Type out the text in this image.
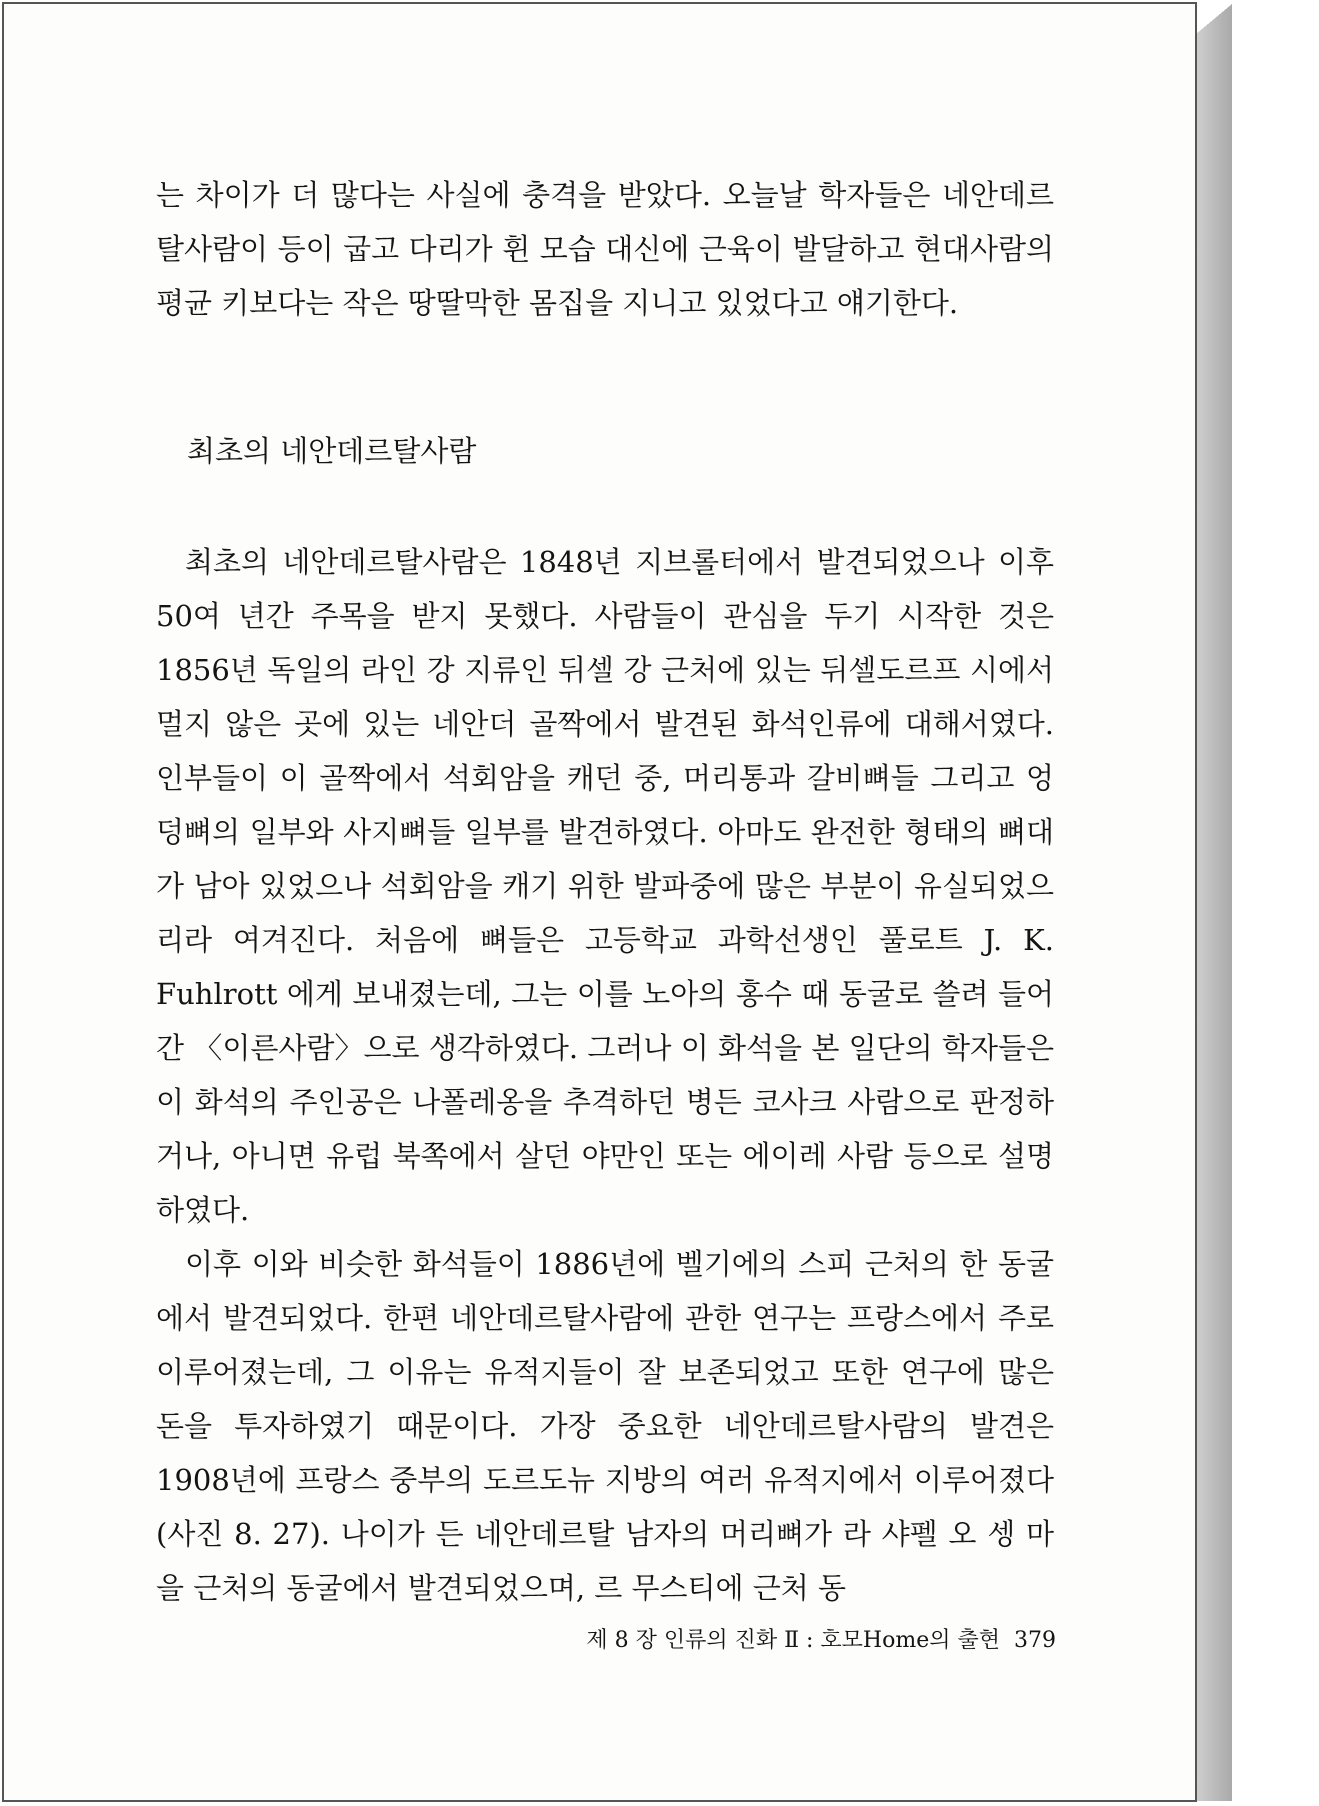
는 차이가 더 많다는 사실에 충격을 받았다. 오늘날 학자들은 네안데르탈사람이 등이 굽고 다리가 휜 모습 대신에 근육이 발달하고 현대사람의 평균 키보다는 작은 땅딸막한 몸집을 지니고 있었다고 얘기한다.

최초의 네안데르탈사람

최초의 네안데르탈사람은 1848년 지브롤터에서 발견되었으나 이후 50여 년간 주목을 받지 못했다. 사람들이 관심을 두기 시작한 것은 1856년 독일의 라인 강 지류인 뒤셀 강 근처에 있는 뒤셀도르프 시에서 멀지 않은 곳에 있는 네안더 골짝에서 발견된 화석인류에 대해서였다. 인부들이 이 골짝에서 석회암을 캐던 중, 머리통과 갈비뼈들 그리고 엉덩뼈의 일부와 사지뼈들 일부를 발견하였다. 아마도 완전한 형태의 뼈대가 남아 있었으나 석회암을 캐기 위한 발파중에 많은 부분이 유실되었으리라 여겨진다. 처음에 뼈들은 고등학교 과학선생인 풀로트 J. K. Fuhlrott 에게 보내졌는데, 그는 이를 노아의 홍수 때 동굴로 쓸려 들어간 〈이른사람〉으로 생각하였다. 그러나 이 화석을 본 일단의 학자들은 이 화석의 주인공은 나폴레옹을 추격하던 병든 코사크 사람으로 판정하거나, 아니면 유럽 북쪽에서 살던 야만인 또는 에이레 사람 등으로 설명하였다.

이후 이와 비슷한 화석들이 1886년에 벨기에의 스피 근처의 한 동굴에서 발견되었다. 한편 네안데르탈사람에 관한 연구는 프랑스에서 주로 이루어졌는데, 그 이유는 유적지들이 잘 보존되었고 또한 연구에 많은 돈을 투자하였기 때문이다. 가장 중요한 네안데르탈사람의 발견은 1908년에 프랑스 중부의 도르도뉴 지방의 여러 유적지에서 이루어졌다(사진 8. 27). 나이가 든 네안데르탈 남자의 머리뼈가 라 샤펠 오 셍 마을 근처의 동굴에서 발견되었으며, 르 무스티에 근처 동

제 8 장 인류의 진화 Ⅱ : 호모Home의 출현 379
